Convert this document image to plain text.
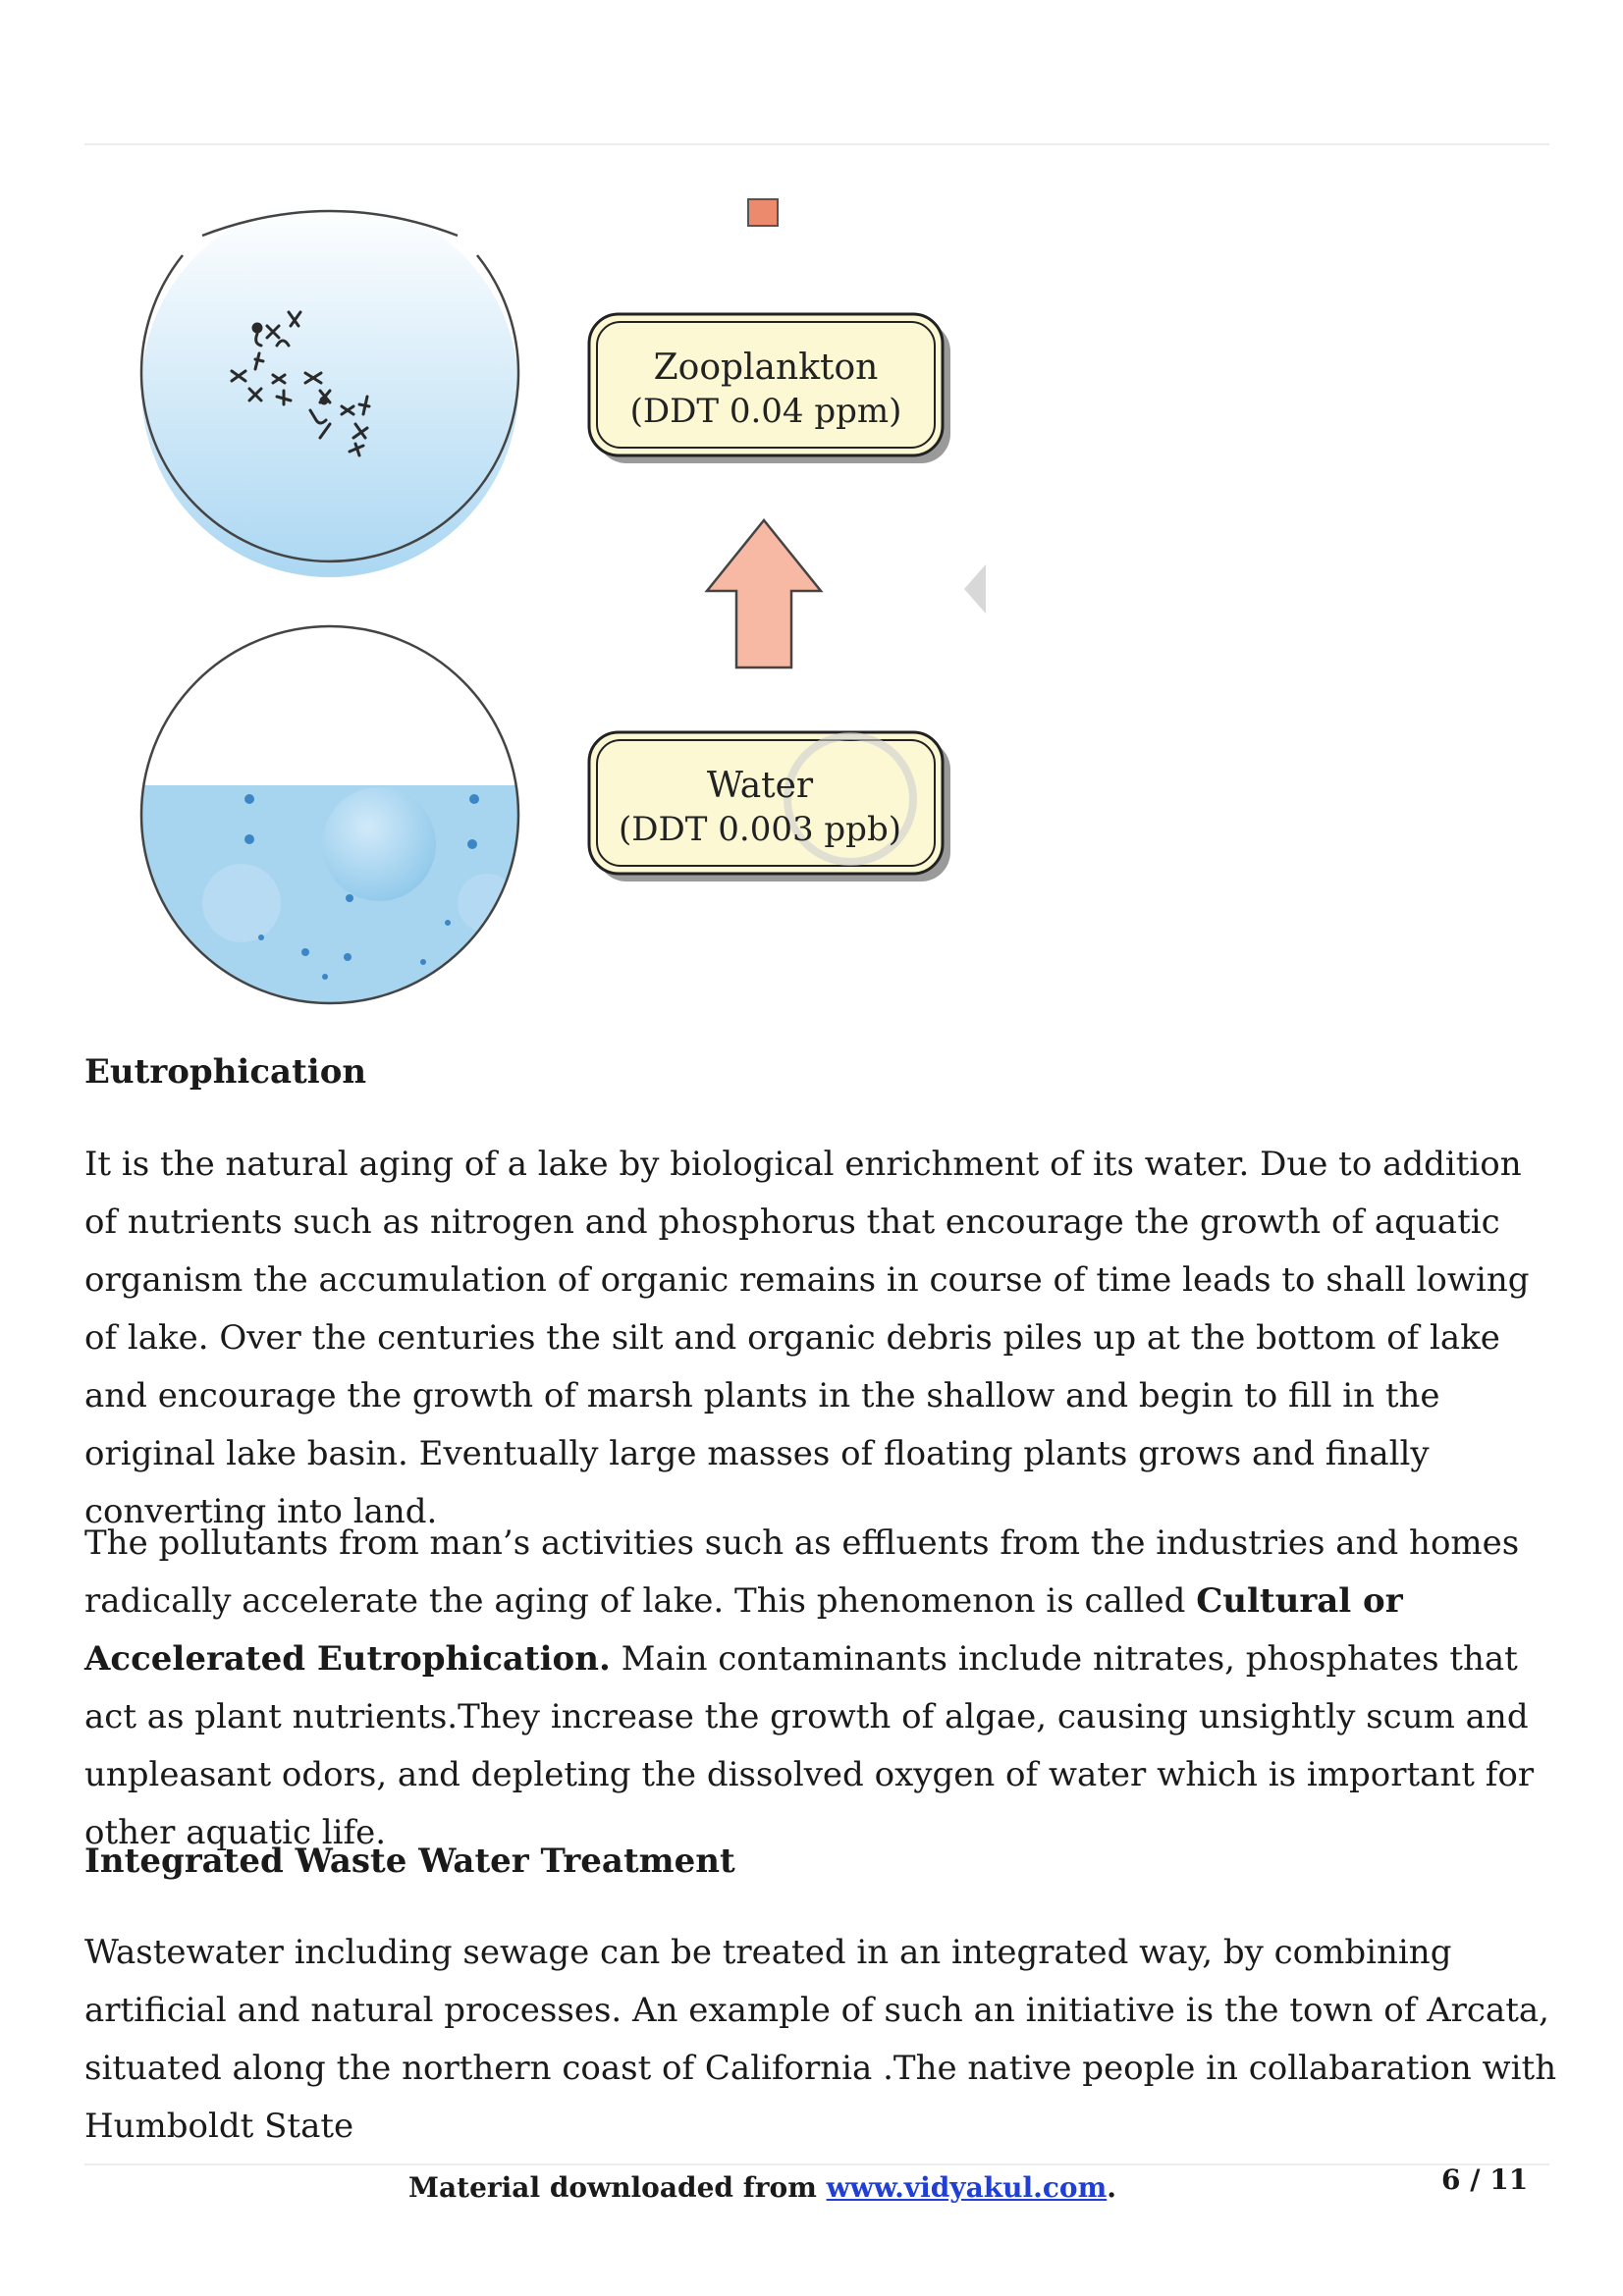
Zooplankton
(DDT 0.04 ppm)
Water
(DDT 0.003 ppb)
Eutrophication

It is the natural aging of a lake by biological enrichment of its water. Due to addition of nutrients such as nitrogen and phosphorus that encourage the growth of aquatic organism the accumulation of organic remains in course of time leads to shall lowing of lake. Over the centuries the silt and organic debris piles up at the bottom of lake and encourage the growth of marsh plants in the shallow and begin to fill in the original lake basin. Eventually large masses of floating plants grows and finally converting into land.

The pollutants from man’s activities such as effluents from the industries and homes radically accelerate the aging of lake. This phenomenon is called Cultural or Accelerated Eutrophication. Main contaminants include nitrates, phosphates that act as plant nutrients.They increase the growth of algae, causing unsightly scum and unpleasant odors, and depleting the dissolved oxygen of water which is important for other aquatic life.

Integrated Waste Water Treatment

Wastewater including sewage can be treated in an integrated way, by combining artificial and natural processes. An example of such an initiative is the town of Arcata, situated along the northern coast of California .The native people in collabaration with Humboldt State

Material downloaded from www.vidyakul.com.	6 / 11
